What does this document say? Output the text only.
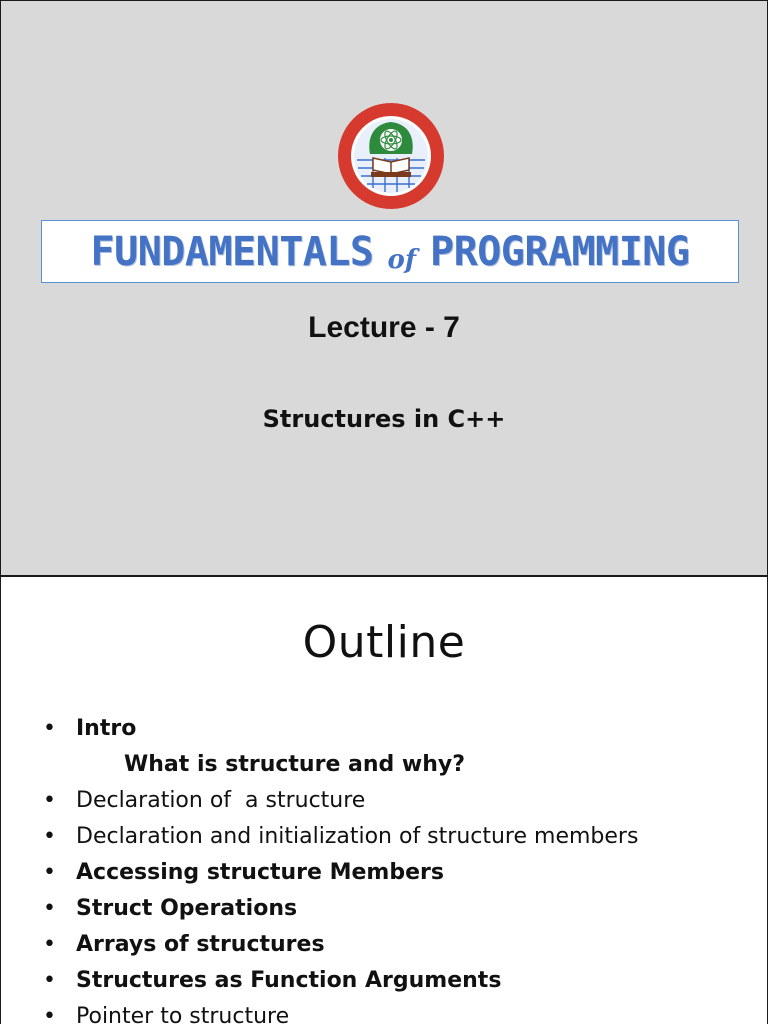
FUNDAMENTALS of PROGRAMMING
Lecture - 7
Structures in C++
Outline
• Intro
What is structure and why?
• Declaration of  a structure
• Declaration and initialization of structure members
• Accessing structure Members
• Struct Operations
• Arrays of structures
• Structures as Function Arguments
• Pointer to structure
